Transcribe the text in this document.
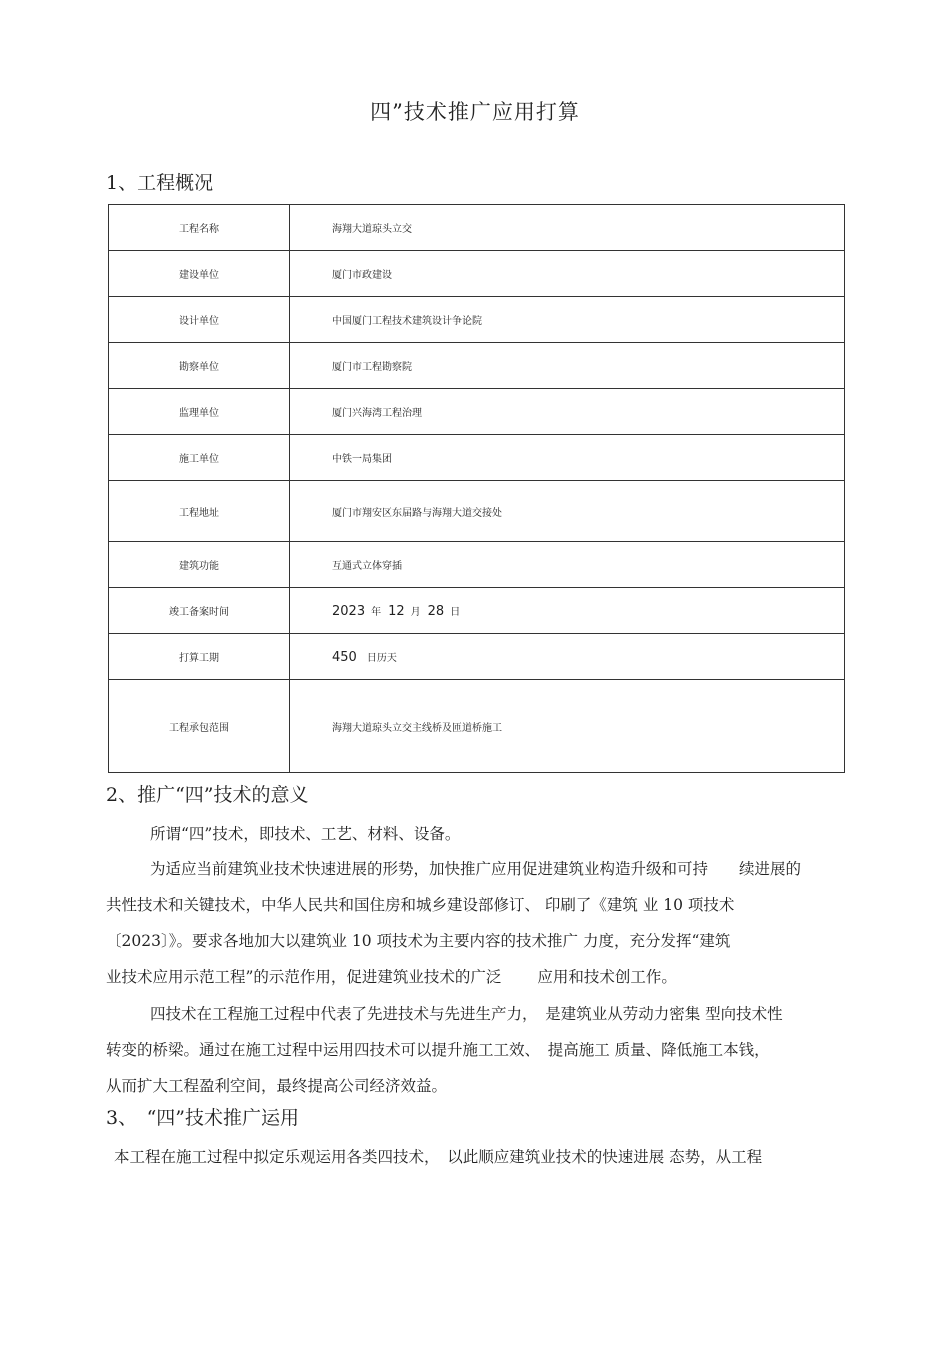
四”技术推广应用打算
1、工程概况
工程名称	海翔大道琼头立交
建设单位	厦门市政建设
设计单位	中国厦门工程技术建筑设计争论院
勘察单位	厦门市工程勘察院
监理单位	厦门兴海湾工程治理
施工单位	中铁一局集团
工程地址	厦门市翔安区东届路与海翔大道交接处
建筑功能	互通式立体穿插
竣工备案时间	2023 年 12 月 28 日
打算工期	450 日历天
工程承包范围	海翔大道琼头立交主线桥及匝道桥施工
2、推广“四”技术的意义

所谓“四”技术，即技术、工艺、材料、设备。

为适应当前建筑业技术快速进展的形势，加快推广应用促进建筑业构造升级和可持　　续进展的

共性技术和关键技术，中华人民共和国住房和城乡建设部修订、 印刷了《建筑 业 10 项技术

〔2023〕》。要求各地加大以建筑业 10 项技术为主要内容的技术推广 力度，充分发挥“建筑

业技术应用示范工程”的示范作用，促进建筑业技术的广泛　　 应用和技术创工作。

四技术在工程施工过程中代表了先进技术与先进生产力，　是建筑业从劳动力密集 型向技术性

转变的桥梁。通过在施工过程中运用四技术可以提升施工工效、　提高施工 质量、降低施工本钱，

从而扩大工程盈利空间，最终提高公司经济效益。

3、　“四”技术推广运用

本工程在施工过程中拟定乐观运用各类四技术，　以此顺应建筑业技术的快速进展 态势，从工程
